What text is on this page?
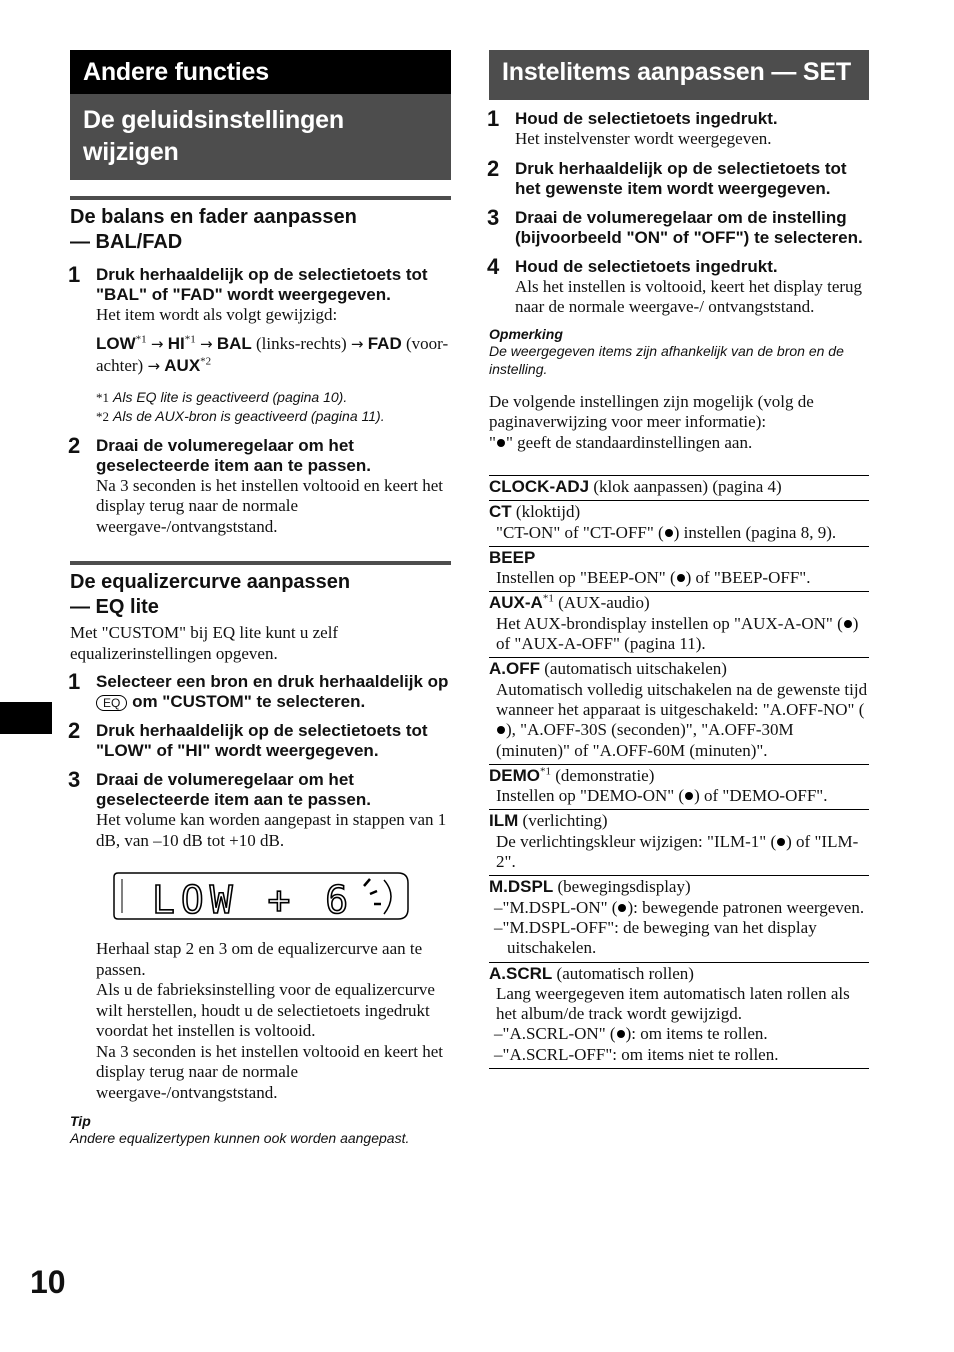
10
Andere functies
De geluidsinstellingen wijzigen
De balans en fader aanpassen
— BAL/FAD
1 Druk herhaaldelijk op de selectietoets tot "BAL" of "FAD" wordt weergegeven.
Het item wordt als volgt gewijzigd:
$LOW^{*1} \to HI^{*1}$ → BAL (links-rechts) → FAD (voor-achter) → $AUX^{*2}$
*1 Als EQ lite is geactiveerd (pagina 10).
*2 Als de AUX-bron is geactiveerd (pagina 11).
2 Draai de volumeregelaar om het geselecteerde item aan te passen.
Na 3 seconden is het instellen voltooid en keert het display terug naar de normale weergave-/ontvangststand.
De equalizercurve aanpassen
— EQ lite
Met "CUSTOM" bij EQ lite kunt u zelf equalizerinstellingen opgeven.
1 Selecteer een bron en druk herhaaldelijk op EQ om "CUSTOM" te selecteren.
2 Druk herhaaldelijk op de selectietoets tot "LOW" of "HI" wordt weergegeven.
3 Draai de volumeregelaar om het geselecteerde item aan te passen.
Het volume kan worden aangepast in stappen van 1 dB, van –10 dB tot +10 dB.
LOW + 6
Herhaal stap 2 en 3 om de equalizercurve aan te passen.
Als u de fabrieksinstelling voor de equalizercurve wilt herstellen, houdt u de selectietoets ingedrukt voordat het instellen is voltooid.
Na 3 seconden is het instellen voltooid en keert het display terug naar de normale weergave-/ontvangststand.
Tip
Andere equalizertypen kunnen ook worden aangepast.
Instelitems aanpassen — SET
1 Houd de selectietoets ingedrukt.
Het instelvenster wordt weergegeven.
2 Druk herhaaldelijk op de selectietoets tot het gewenste item wordt weergegeven.
3 Draai de volumeregelaar om de instelling (bijvoorbeeld "ON" of "OFF") te selecteren.
4 Houd de selectietoets ingedrukt.
Als het instellen is voltooid, keert het display terug naar de normale weergave-/ ontvangststand.
Opmerking
De weergegeven items zijn afhankelijk van de bron en de instelling.
De volgende instellingen zijn mogelijk (volg de paginaverwijzing voor meer informatie):
" " geeft de standaardinstellingen aan.
CLOCK-ADJ (klok aanpassen) (pagina 4)
CT (kloktijd)
"CT-ON" of "CT-OFF" ( ) instellen (pagina 8, 9).

BEEP
Instellen op "BEEP-ON" ( ) of "BEEP-OFF".

AUX-$A^{*1}$ (AUX-audio)
Het AUX-brondisplay instellen op "AUX-A-ON" ( ) of "AUX-A-OFF" (pagina 11).

A.OFF (automatisch uitschakelen)
Automatisch volledig uitschakelen na de gewenste tijd wanneer het apparaat is uitgeschakeld: "A.OFF-NO" (), "A.OFF-30S (seconden)", "A.OFF-30M (minuten)" of "A.OFF-60M (minuten)".

DEMO$^{*1}$ (demonstratie)
Instellen op "DEMO-ON" ( ) of "DEMO-OFF".

ILM (verlichting)
De verlichtingskleur wijzigen: "ILM-1" ( ) of "ILM-2".

M.DSPL (bewegingsdisplay)
–"M.DSPL-ON" ( ): bewegende patronen weergeven.
–"M.DSPL-OFF": de beweging van het display uitschakelen.

A.SCRL (automatisch rollen)
Lang weergegeven item automatisch laten rollen als het album/de track wordt gewijzigd.
–"A.SCRL-ON" ( ): om items te rollen.
–"A.SCRL-OFF": om items niet te rollen.
